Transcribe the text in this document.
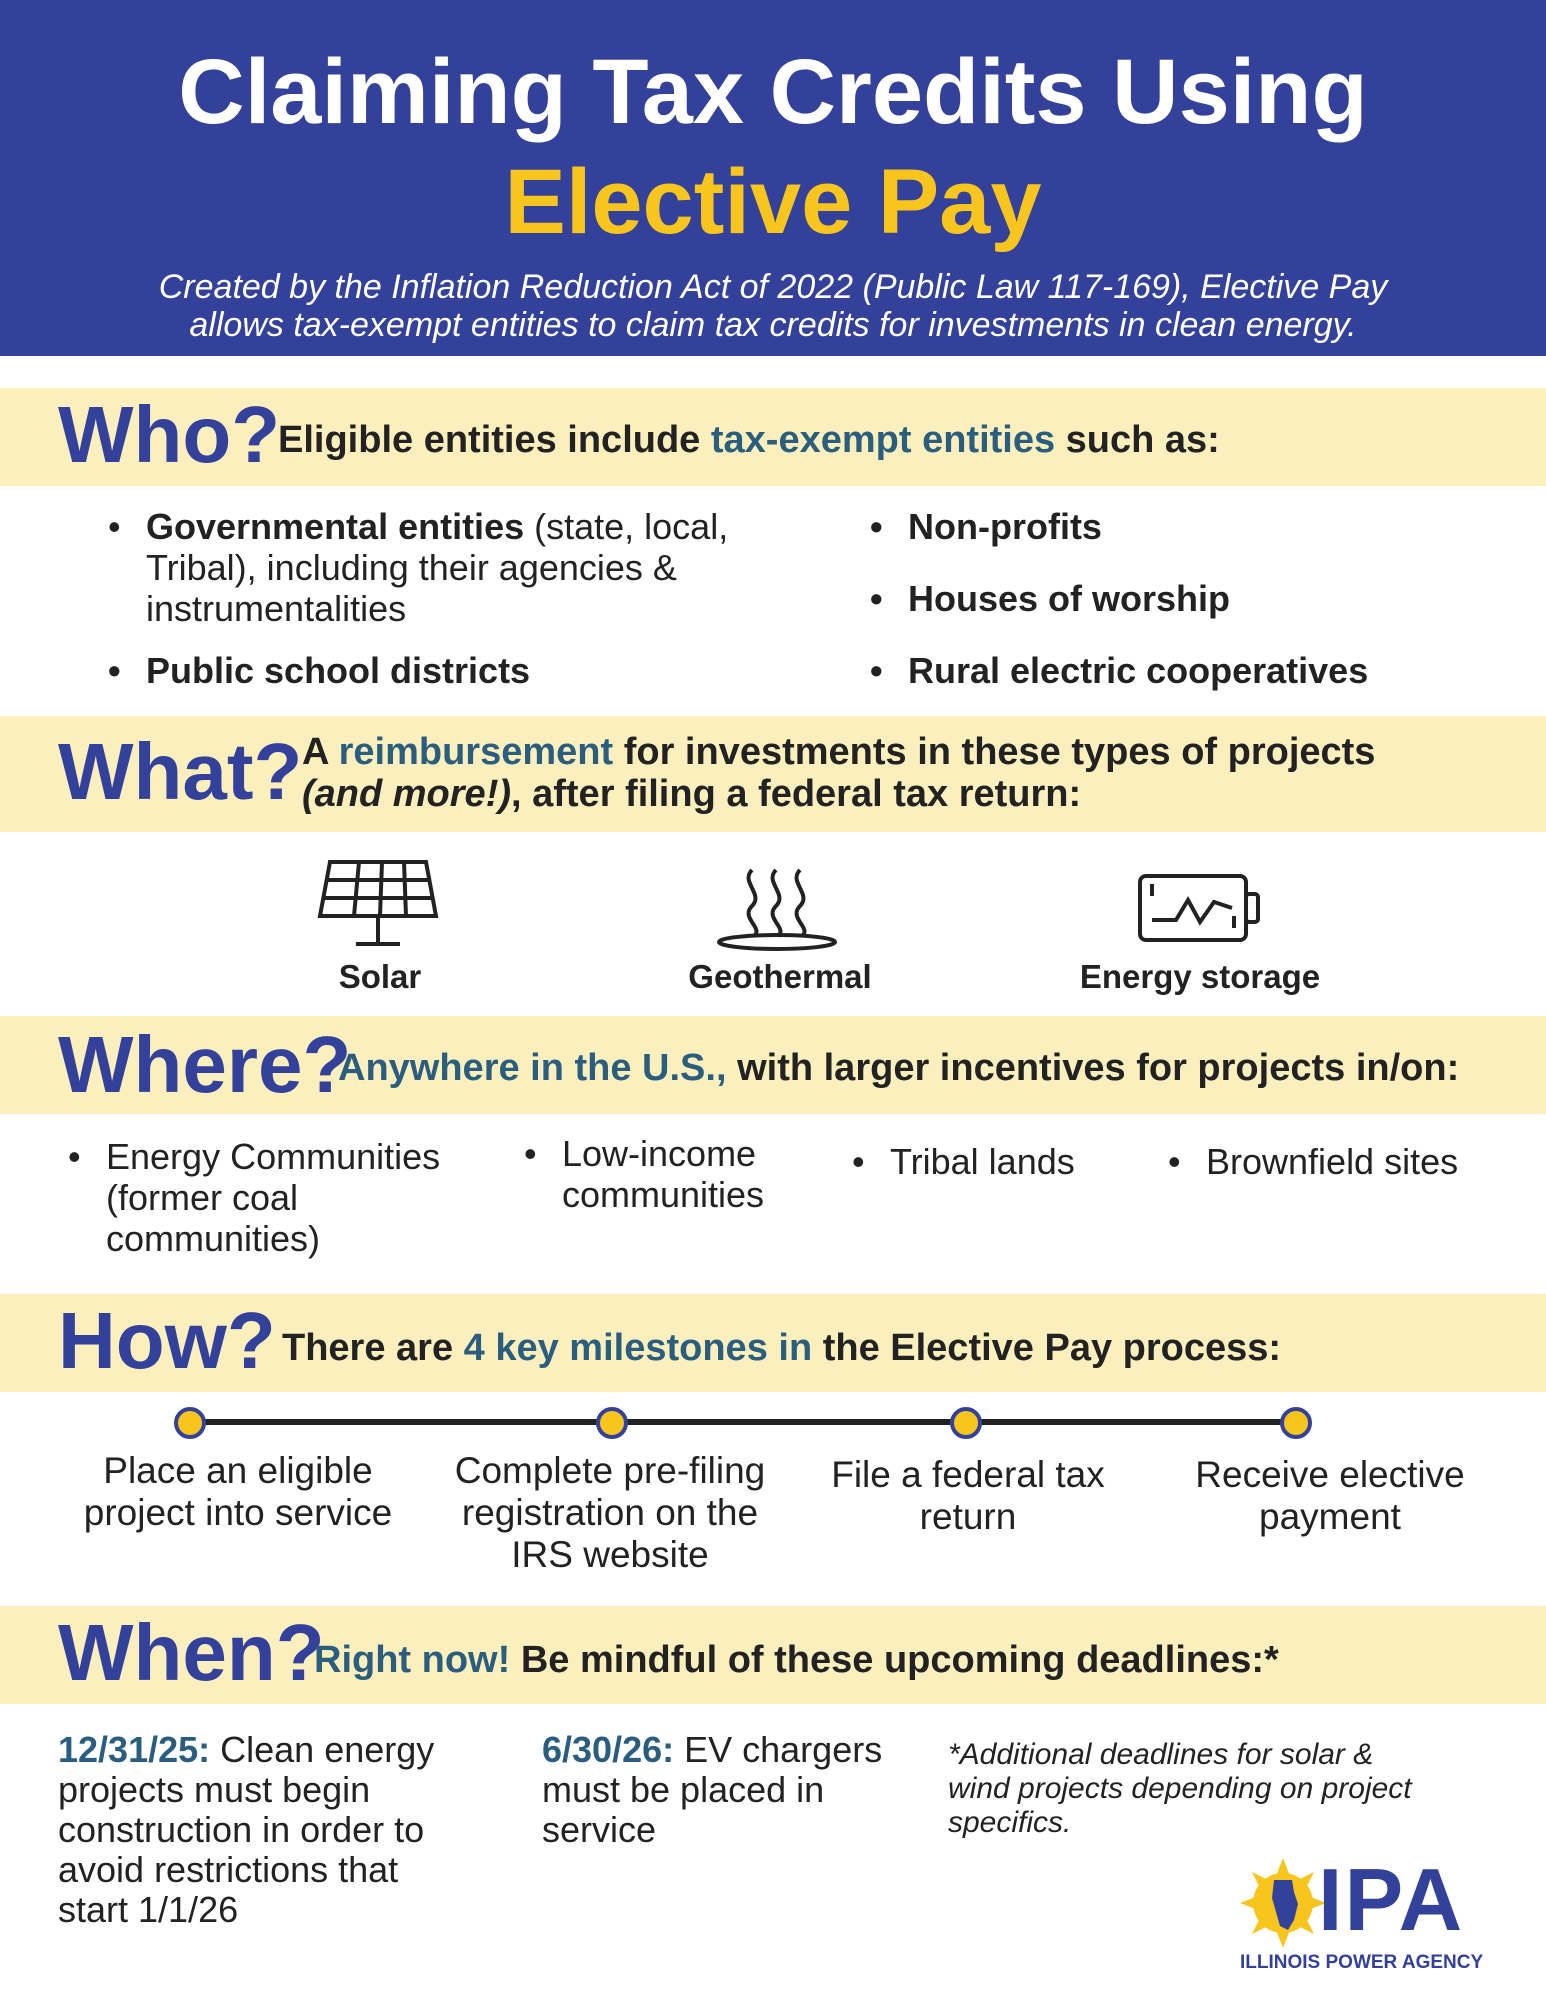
Claiming Tax Credits Using
Elective Pay
Created by the Inflation Reduction Act of 2022 (Public Law 117-169), Elective Pay
allows tax-exempt entities to claim tax credits for investments in clean energy.
Who?
Eligible entities include tax-exempt entities such as:
• Governmental entities (state, local,
Tribal), including their agencies &
instrumentalities
• Public school districts
• Non-profits
• Houses of worship
• Rural electric cooperatives
What? A reimbursement for investments in these types of projects
(and more!), after filing a federal tax return:
Solar	Geothermal	Energy storage
Where?
Anywhere in the U.S., with larger incentives for projects in/on:
• Energy Communities
(former coal
communities)
• Low-income
communities
• Tribal lands
•	Brownfield sites
How? There are 4 key milestones in the Elective Pay process:
Place an eligible
project into service
Complete pre-filing
registration on the
IRS website
File a federal tax
return
Receive elective
payment
When?
Right now! Be mindful of these upcoming deadlines:*
12/31/25: Clean energy
projects must begin
construction in order to
avoid restrictions that
start 1/1/26
6/30/26: EV chargers
must be placed in
service
*Additional deadlines for solar &
wind projects depending on project
specifics.
IPA
ILLINOIS POWER AGENCY
